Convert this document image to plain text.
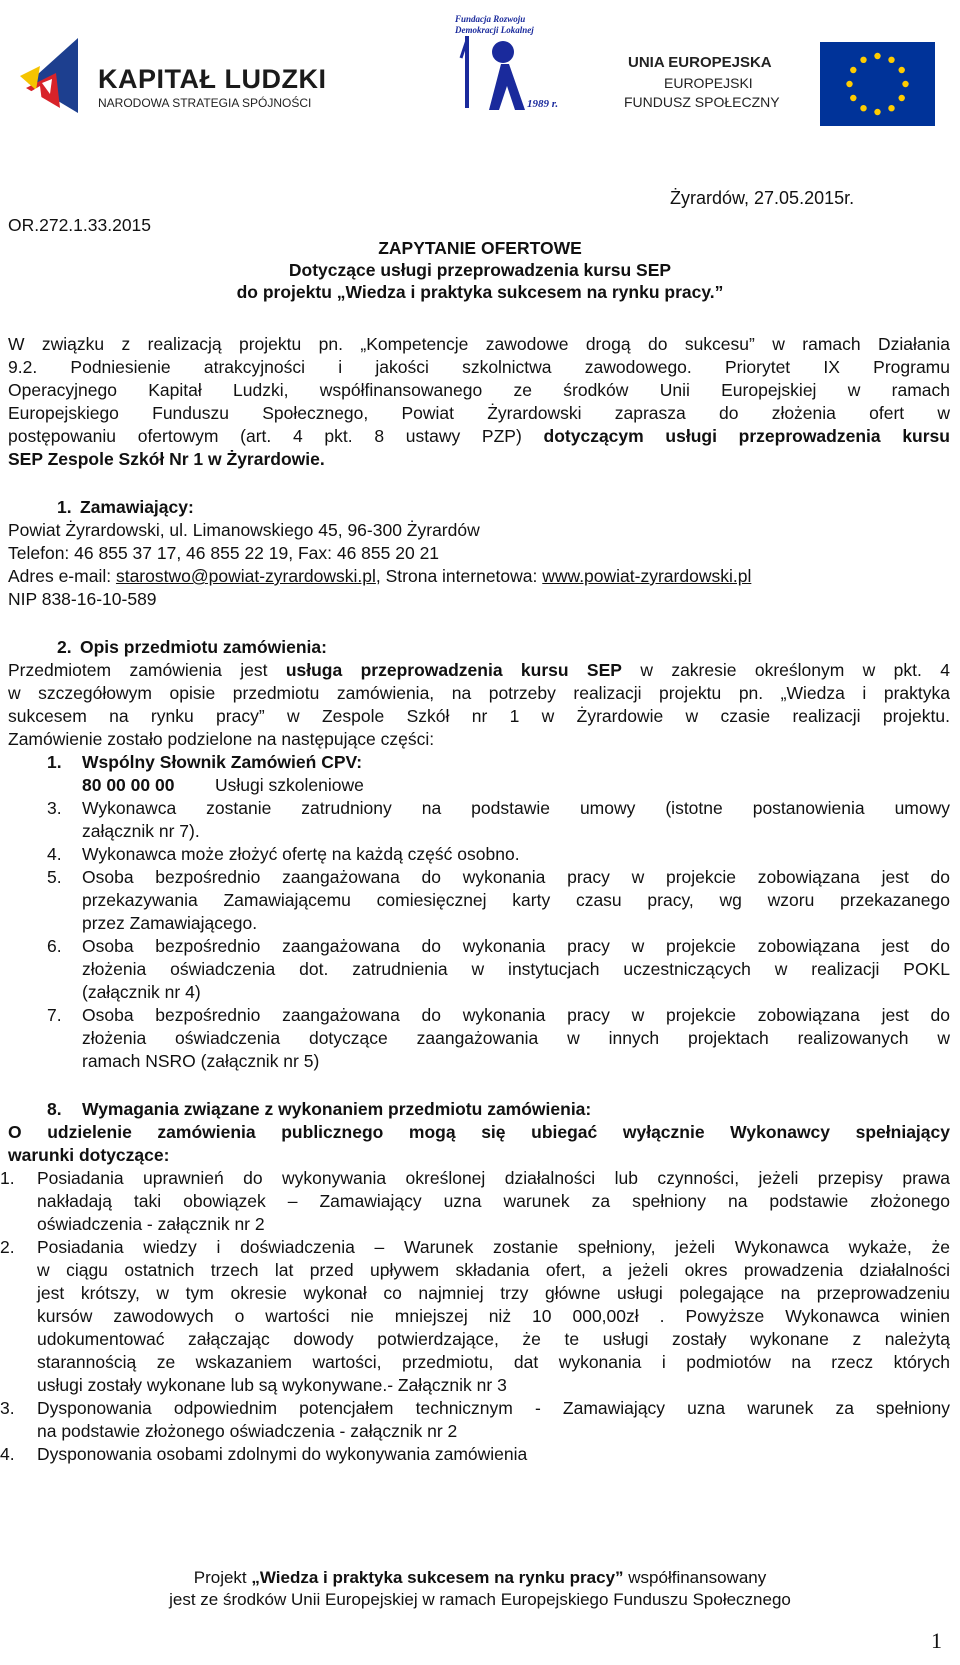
KAPITAŁ LUDZKI
NARODOWA STRATEGIA SPÓJNOŚCI
Fundacja Rozwoju
Demokracji Lokalnej
1989 r.
UNIA EUROPEJSKA
EUROPEJSKI
FUNDUSZ SPOŁECZNY
Żyrardów, 27.05.2015r.
OR.272.1.33.2015
ZAPYTANIE OFERTOWE
Dotyczące usługi przeprowadzenia kursu SEP
do projektu „Wiedza i praktyka sukcesem na rynku pracy.”
W związku z realizacją projektu pn. „Kompetencje zawodowe drogą do sukcesu” w ramach Działania
9.2. Podniesienie atrakcyjności i jakości szkolnictwa zawodowego. Priorytet IX Programu
Operacyjnego Kapitał Ludzki, współfinansowanego ze środków Unii Europejskiej w ramach
Europejskiego Funduszu Społecznego, Powiat Żyrardowski zaprasza do złożenia ofert w
postępowaniu ofertowym (art. 4 pkt. 8 ustawy PZP) dotyczącym usługi przeprowadzenia kursu
SEP Zespole Szkół Nr 1 w Żyrardowie.
1. Zamawiający:
Powiat Żyrardowski, ul. Limanowskiego 45, 96-300 Żyrardów
Telefon: 46 855 37 17, 46 855 22 19, Fax: 46 855 20 21
Adres e-mail: starostwo@powiat-zyrardowski.pl, Strona internetowa: www.powiat-zyrardowski.pl
NIP 838-16-10-589
2. Opis przedmiotu zamówienia:
Przedmiotem zamówienia jest usługa przeprowadzenia kursu SEP w zakresie określonym w pkt. 4
w szczegółowym opisie przedmiotu zamówienia, na potrzeby realizacji projektu pn. „Wiedza i praktyka
sukcesem na rynku pracy” w Zespole Szkół nr 1 w Żyrardowie w czasie realizacji projektu.
Zamówienie zostało podzielone na następujące części:
1. Wspólny Słownik Zamówień CPV:
80 00 00 00 Usługi szkoleniowe
3. Wykonawca zostanie zatrudniony na podstawie umowy (istotne postanowienia umowy
załącznik nr 7).
4. Wykonawca może złożyć ofertę na każdą część osobno.
5. Osoba bezpośrednio zaangażowana do wykonania pracy w projekcie zobowiązana jest do
przekazywania Zamawiającemu comiesięcznej karty czasu pracy, wg wzoru przekazanego
przez Zamawiającego.
6. Osoba bezpośrednio zaangażowana do wykonania pracy w projekcie zobowiązana jest do
złożenia oświadczenia dot. zatrudnienia w instytucjach uczestniczących w realizacji POKL
(załącznik nr 4)
7. Osoba bezpośrednio zaangażowana do wykonania pracy w projekcie zobowiązana jest do
złożenia oświadczenia dotyczące zaangażowania w innych projektach realizowanych w
ramach NSRO (załącznik nr 5)
8. Wymagania związane z wykonaniem przedmiotu zamówienia:
O udzielenie zamówienia publicznego mogą się ubiegać wyłącznie Wykonawcy spełniający
warunki dotyczące:
1. Posiadania uprawnień do wykonywania określonej działalności lub czynności, jeżeli przepisy prawa
nakładają taki obowiązek – Zamawiający uzna warunek za spełniony na podstawie złożonego
oświadczenia - załącznik nr 2
2. Posiadania wiedzy i doświadczenia – Warunek zostanie spełniony, jeżeli Wykonawca wykaże, że
w ciągu ostatnich trzech lat przed upływem składania ofert, a jeżeli okres prowadzenia działalności
jest krótszy, w tym okresie wykonał co najmniej trzy główne usługi polegające na przeprowadzeniu
kursów zawodowych o wartości nie mniejszej niż 10 000,00zł . Powyższe Wykonawca winien
udokumentować załączając dowody potwierdzające, że te usługi zostały wykonane z należytą
starannością ze wskazaniem wartości, przedmiotu, dat wykonania i podmiotów na rzecz których
usługi zostały wykonane lub są wykonywane.- Załącznik nr 3
3. Dysponowania odpowiednim potencjałem technicznym - Zamawiający uzna warunek za spełniony
na podstawie złożonego oświadczenia - załącznik nr 2
4. Dysponowania osobami zdolnymi do wykonywania zamówienia
Projekt „Wiedza i praktyka sukcesem na rynku pracy” współfinansowany
jest ze środków Unii Europejskiej w ramach Europejskiego Funduszu Społecznego
1
